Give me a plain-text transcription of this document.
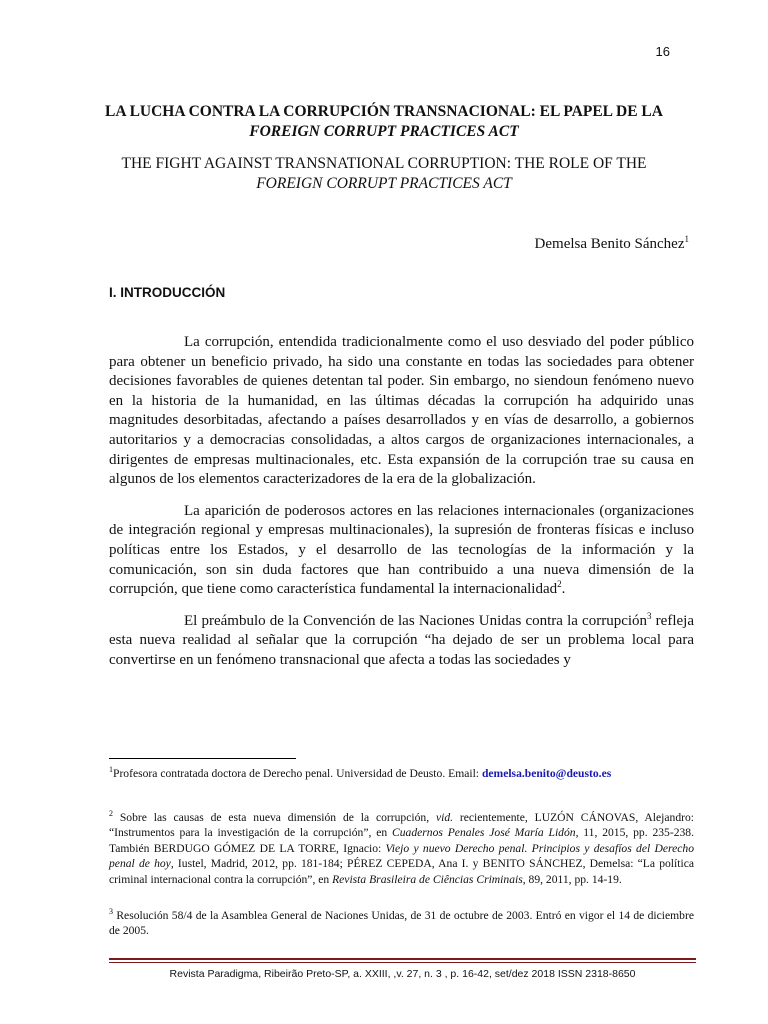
16
LA LUCHA CONTRA LA CORRUPCIÓN TRANSNACIONAL: EL PAPEL DE LA
FOREIGN CORRUPT PRACTICES ACT
THE FIGHT AGAINST TRANSNATIONAL CORRUPTION: THE ROLE OF THE
FOREIGN CORRUPT PRACTICES ACT
Demelsa Benito Sánchez$^1$
I. INTRODUCCIÓN

La corrupción, entendida tradicionalmente como el uso desviado del poder público para obtener un beneficio privado, ha sido una constante en todas las sociedades para obtener decisiones favorables de quienes detentan tal poder. Sin embargo, no siendoun fenómeno nuevo en la historia de la humanidad, en las últimas décadas la corrupción ha adquirido unas magnitudes desorbitadas, afectando a países desarrollados y en vías de desarrollo, a gobiernos autoritarios y a democracias consolidadas, a altos cargos de organizaciones internacionales, a dirigentes de empresas multinacionales, etc. Esta expansión de la corrupción trae su causa en algunos de los elementos caracterizadores de la era de la globalización.

La aparición de poderosos actores en las relaciones internacionales (organizaciones de integración regional y empresas multinacionales), la supresión de fronteras físicas e incluso políticas entre los Estados, y el desarrollo de las tecnologías de la información y la comunicación, son sin duda factores que han contribuido a una nueva dimensión de la corrupción, que tiene como característica fundamental la internacionalidad$^2$.

El preámbulo de la Convención de las Naciones Unidas contra la corrupción$^3$ refleja esta nueva realidad al señalar que la corrupción “ha dejado de ser un problema local para convertirse en un fenómeno transnacional que afecta a todas las sociedades y

$^1$Profesora contratada doctora de Derecho penal. Universidad de Deusto. Email: demelsa.benito@deusto.es
$^2$ Sobre las causas de esta nueva dimensión de la corrupción, vid. recientemente, LUZÓN CÁNOVAS, Alejandro: “Instrumentos para la investigación de la corrupción”, en Cuadernos Penales José María Lidón, 11, 2015, pp. 235-238. También BERDUGO GÓMEZ DE LA TORRE, Ignacio: Viejo y nuevo Derecho penal. Principios y desafíos del Derecho penal de hoy, Iustel, Madrid, 2012, pp. 181-184; PÉREZ CEPEDA, Ana I. y BENITO SÁNCHEZ, Demelsa: “La política criminal internacional contra la corrupción”, en Revista Brasileira de Ciências Criminais, 89, 2011, pp. 14-19.
$^3$ Resolución 58/4 de la Asamblea General de Naciones Unidas, de 31 de octubre de 2003. Entró en vigor el 14 de diciembre de 2005.
Revista Paradigma, Ribeirão Preto-SP, a. XXIII, ,v. 27, n. 3 , p. 16-42, set/dez 2018 ISSN 2318-8650
